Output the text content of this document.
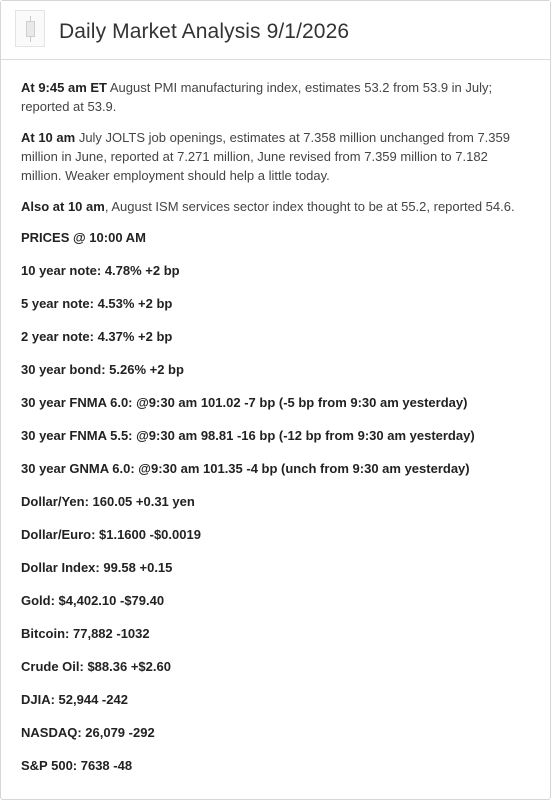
Daily Market Analysis 9/1/2026

At 9:45 am ET August PMI manufacturing index, estimates 53.2 from 53.9 in July; reported at 53.9.

At 10 am July JOLTS job openings, estimates at 7.358 million unchanged from 7.359 million in June, reported at 7.271 million, June revised from 7.359 million to 7.182 million. Weaker employment should help a little today.

Also at 10 am, August ISM services sector index thought to be at 55.2, reported 54.6.

PRICES @ 10:00 AM

10 year note: 4.78% +2 bp

5 year note: 4.53% +2 bp

2 year note: 4.37% +2 bp

30 year bond: 5.26% +2 bp

30 year FNMA 6.0: @9:30 am 101.02 -7 bp (-5 bp from 9:30 am yesterday)

30 year FNMA 5.5: @9:30 am 98.81 -16 bp (-12 bp from 9:30 am yesterday)

30 year GNMA 6.0: @9:30 am 101.35 -4 bp (unch from 9:30 am yesterday)

Dollar/Yen: 160.05 +0.31 yen

Dollar/Euro: $1.1600 -$0.0019

Dollar Index: 99.58 +0.15

Gold: $4,402.10 -$79.40

Bitcoin: 77,882 -1032

Crude Oil: $88.36 +$2.60

DJIA: 52,944 -242

NASDAQ: 26,079 -292

S&P 500: 7638 -48
